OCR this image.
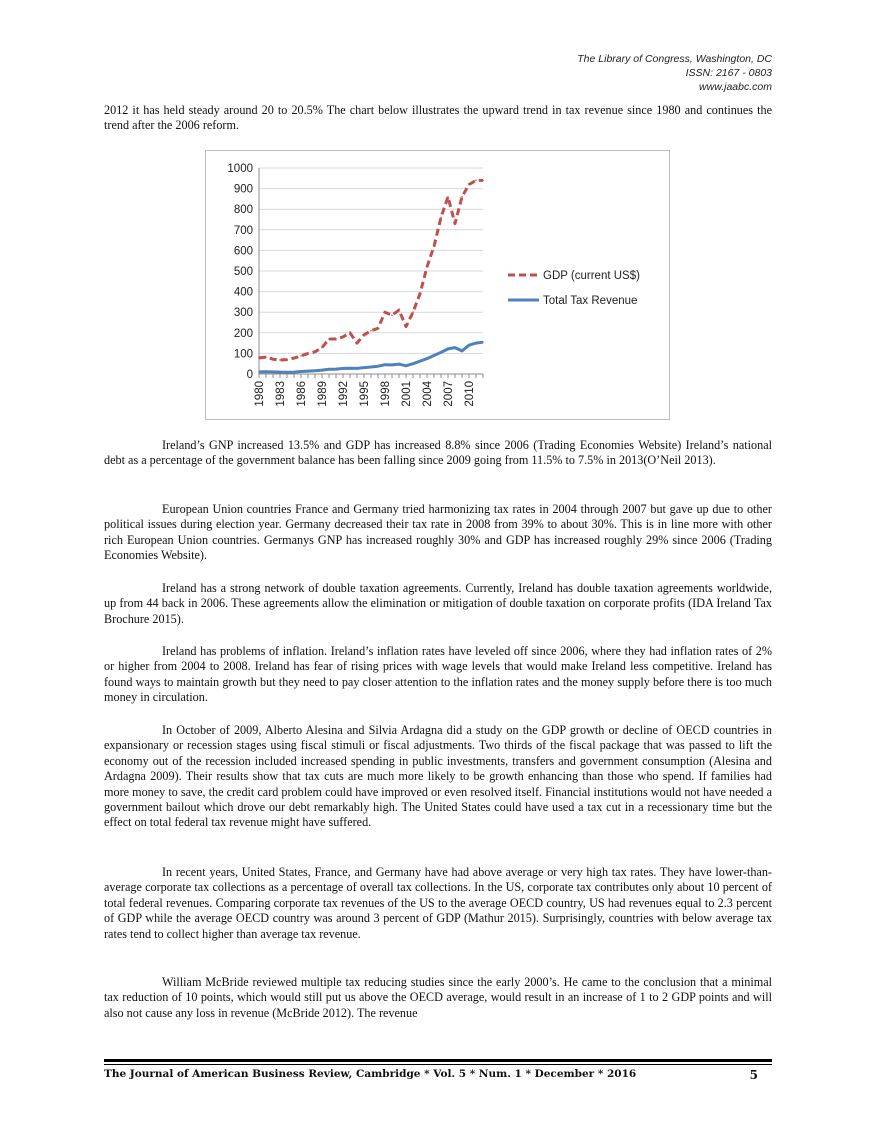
The Library of Congress, Washington, DC
ISSN: 2167 - 0803
www.jaabc.com

2012 it has held steady around 20 to 20.5% The chart below illustrates the upward trend in tax revenue since 1980 and continues the trend after the 2006 reform.

0
100
200
300
400
500
600
700
800
900
1000
1980 1983 1986 1989 1992 1995 1998 2001 2004 2007 2010
GDP (current US$)
Total Tax Revenue

Ireland’s GNP increased 13.5% and GDP has increased 8.8% since 2006 (Trading Economies Website) Ireland’s national debt as a percentage of the government balance has been falling since 2009 going from 11.5% to 7.5% in 2013(O’Neil 2013).

European Union countries France and Germany tried harmonizing tax rates in 2004 through 2007 but gave up due to other political issues during election year. Germany decreased their tax rate in 2008 from 39% to about 30%. This is in line more with other rich European Union countries. Germanys GNP has increased roughly 30% and GDP has increased roughly 29% since 2006 (Trading Economies Website).

Ireland has a strong network of double taxation agreements. Currently, Ireland has double taxation agreements worldwide, up from 44 back in 2006. These agreements allow the elimination or mitigation of double taxation on corporate profits (IDA Ireland Tax Brochure 2015).

Ireland has problems of inflation. Ireland’s inflation rates have leveled off since 2006, where they had inflation rates of 2% or higher from 2004 to 2008. Ireland has fear of rising prices with wage levels that would make Ireland less competitive. Ireland has found ways to maintain growth but they need to pay closer attention to the inflation rates and the money supply before there is too much money in circulation.

In October of 2009, Alberto Alesina and Silvia Ardagna did a study on the GDP growth or decline of OECD countries in expansionary or recession stages using fiscal stimuli or fiscal adjustments. Two thirds of the fiscal package that was passed to lift the economy out of the recession included increased spending in public investments, transfers and government consumption (Alesina and Ardagna 2009). Their results show that tax cuts are much more likely to be growth enhancing than those who spend. If families had more money to save, the credit card problem could have improved or even resolved itself. Financial institutions would not have needed a government bailout which drove our debt remarkably high. The United States could have used a tax cut in a recessionary time but the effect on total federal tax revenue might have suffered.

In recent years, United States, France, and Germany have had above average or very high tax rates. They have lower-than-average corporate tax collections as a percentage of overall tax collections. In the US, corporate tax contributes only about 10 percent of total federal revenues. Comparing corporate tax revenues of the US to the average OECD country, US had revenues equal to 2.3 percent of GDP while the average OECD country was around 3 percent of GDP (Mathur 2015). Surprisingly, countries with below average tax rates tend to collect higher than average tax revenue.

William McBride reviewed multiple tax reducing studies since the early 2000’s. He came to the conclusion that a minimal tax reduction of 10 points, which would still put us above the OECD average, would result in an increase of 1 to 2 GDP points and will also not cause any loss in revenue (McBride 2012). The revenue

The Journal of American Business Review, Cambridge * Vol. 5 * Num. 1 * December * 2016	5
